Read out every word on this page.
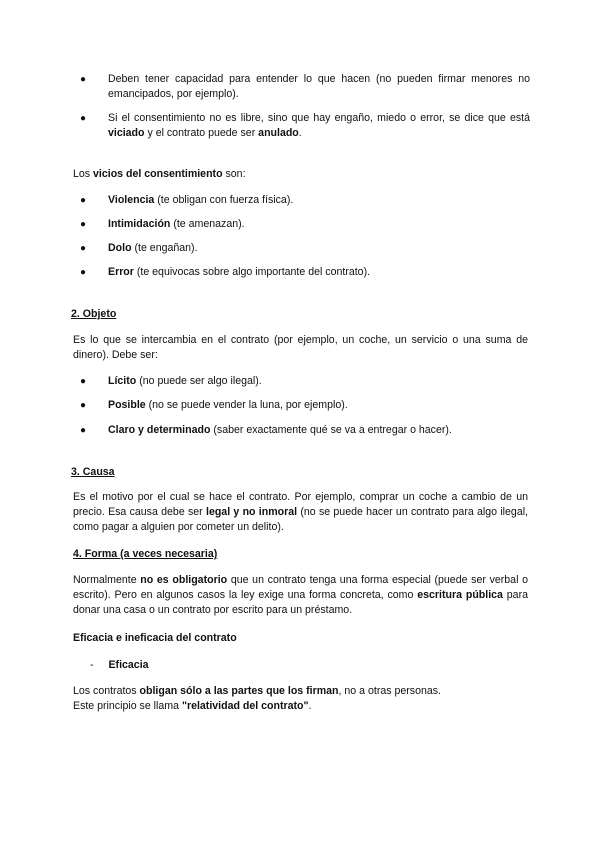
●	Deben tener capacidad para entender lo que hacen (no pueden firmar menores no emancipados, por ejemplo).
●	Si el consentimiento no es libre, sino que hay engaño, miedo o error, se dice que está viciado y el contrato puede ser anulado.

Los vicios del consentimiento son:

●	Violencia (te obligan con fuerza física).
●	Intimidación (te amenazan).
●	Dolo (te engañan).
●	Error (te equivocas sobre algo importante del contrato).
2. Objeto

Es lo que se intercambia en el contrato (por ejemplo, un coche, un servicio o una suma de dinero). Debe ser:

●	Lícito (no puede ser algo ilegal).
●	Posible (no se puede vender la luna, por ejemplo).
●	Claro y determinado (saber exactamente qué se va a entregar o hacer).
3. Causa

Es el motivo por el cual se hace el contrato. Por ejemplo, comprar un coche a cambio de un precio. Esa causa debe ser legal y no inmoral (no se puede hacer un contrato para algo ilegal, como pagar a alguien por cometer un delito).

4. Forma (a veces necesaria)

Normalmente no es obligatorio que un contrato tenga una forma especial (puede ser verbal o escrito). Pero en algunos casos la ley exige una forma concreta, como escritura pública para donar una casa o un contrato por escrito para un préstamo.

Eficacia e ineficacia del contrato
- Eficacia

Los contratos obligan sólo a las partes que los firman, no a otras personas.

Este principio se llama "relatividad del contrato".
